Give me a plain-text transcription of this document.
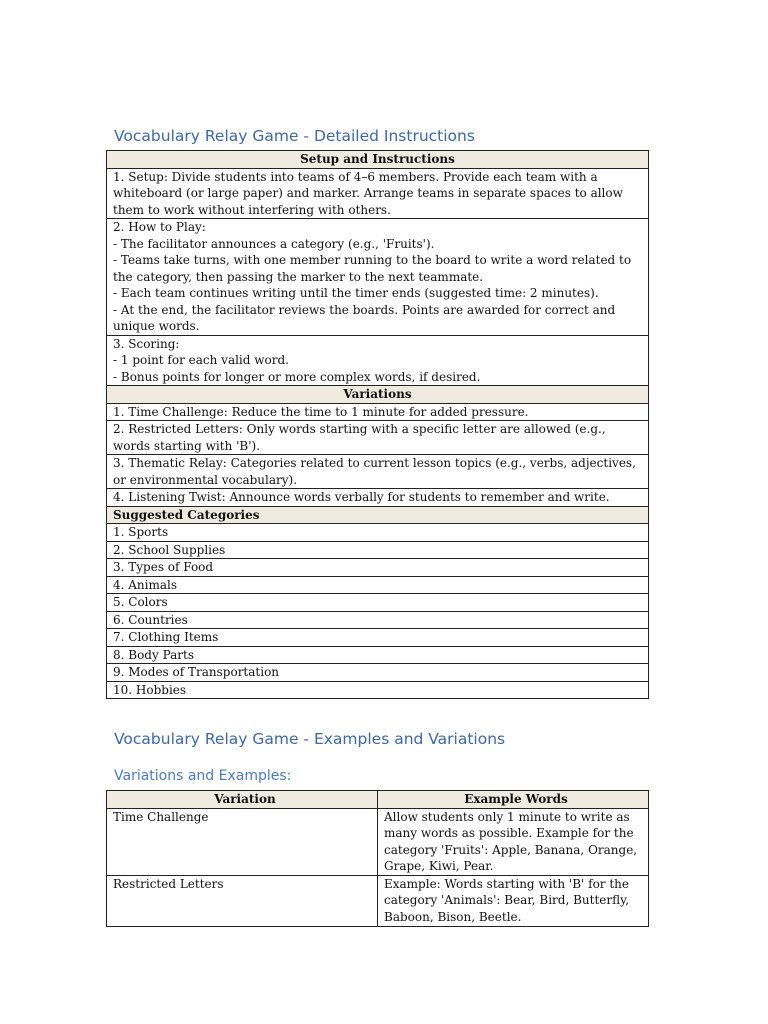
Vocabulary Relay Game - Detailed Instructions
Setup and Instructions
1. Setup: Divide students into teams of 4–6 members. Provide each team with a whiteboard (or large paper) and marker. Arrange teams in separate spaces to allow them to work without interfering with others.

2. How to Play:
- The facilitator announces a category (e.g., 'Fruits').
- Teams take turns, with one member running to the board to write a word related to the category, then passing the marker to the next teammate.
- Each team continues writing until the timer ends (suggested time: 2 minutes).
- At the end, the facilitator reviews the boards. Points are awarded for correct and unique words.

3. Scoring:
- 1 point for each valid word.
- Bonus points for longer or more complex words, if desired.

Variations
1. Time Challenge: Reduce the time to 1 minute for added pressure.
2. Restricted Letters: Only words starting with a specific letter are allowed (e.g., words starting with 'B').
3. Thematic Relay: Categories related to current lesson topics (e.g., verbs, adjectives, or environmental vocabulary).
4. Listening Twist: Announce words verbally for students to remember and write.
Suggested Categories
1. Sports
2. School Supplies
3. Types of Food
4. Animals
5. Colors
6. Countries
7. Clothing Items
8. Body Parts
9. Modes of Transportation
10. Hobbies
Vocabulary Relay Game - Examples and Variations
Variations and Examples:
Variation	Example Words
Time Challenge	Allow students only 1 minute to write as many words as possible. Example for the category 'Fruits': Apple, Banana, Orange, Grape, Kiwi, Pear.
Restricted Letters	Example: Words starting with 'B' for the category 'Animals': Bear, Bird, Butterfly, Baboon, Bison, Beetle.
